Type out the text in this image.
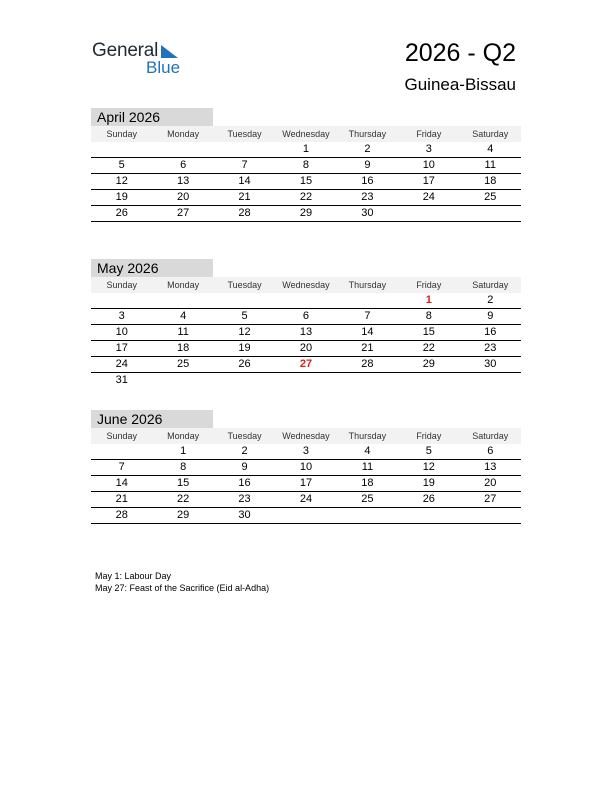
General
Blue
2026 - Q2
Guinea-Bissau
April 2026
Sunday	Monday	Tuesday	Wednesday	Thursday	Friday	Saturday
			1	2	3	4
5	6	7	8	9	10	11
12	13	14	15	16	17	18
19	20	21	22	23	24	25
26	27	28	29	30		
May 2026
Sunday	Monday	Tuesday	Wednesday	Thursday	Friday	Saturday
					1	2
3	4	5	6	7	8	9
10	11	12	13	14	15	16
17	18	19	20	21	22	23
24	25	26	27	28	29	30
31						
June 2026
Sunday	Monday	Tuesday	Wednesday	Thursday	Friday	Saturday
	1	2	3	4	5	6
7	8	9	10	11	12	13
14	15	16	17	18	19	20
21	22	23	24	25	26	27
28	29	30				
May 1: Labour Day
May 27: Feast of the Sacrifice (Eid al-Adha)
